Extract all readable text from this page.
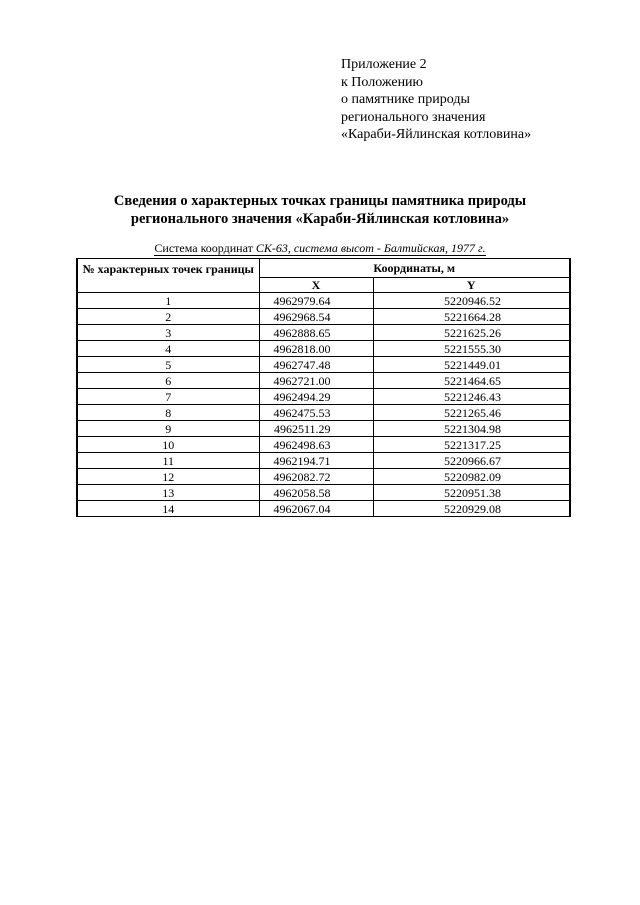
Приложение 2
к Положению
о памятнике природы
регионального значения
«Караби-Яйлинская котловина»
Сведения о характерных точках границы памятника природы
регионального значения «Караби-Яйлинская котловина»
Система координат СК-63, система высот - Балтийская, 1977 г.
№ характерных точек границы	Координаты, м	
	X	Y
1	4962979.64	5220946.52
2	4962968.54	5221664.28
3	4962888.65	5221625.26
4	4962818.00	5221555.30
5	4962747.48	5221449.01
6	4962721.00	5221464.65
7	4962494.29	5221246.43
8	4962475.53	5221265.46
9	4962511.29	5221304.98
10	4962498.63	5221317.25
11	4962194.71	5220966.67
12	4962082.72	5220982.09
13	4962058.58	5220951.38
14	4962067.04	5220929.08
